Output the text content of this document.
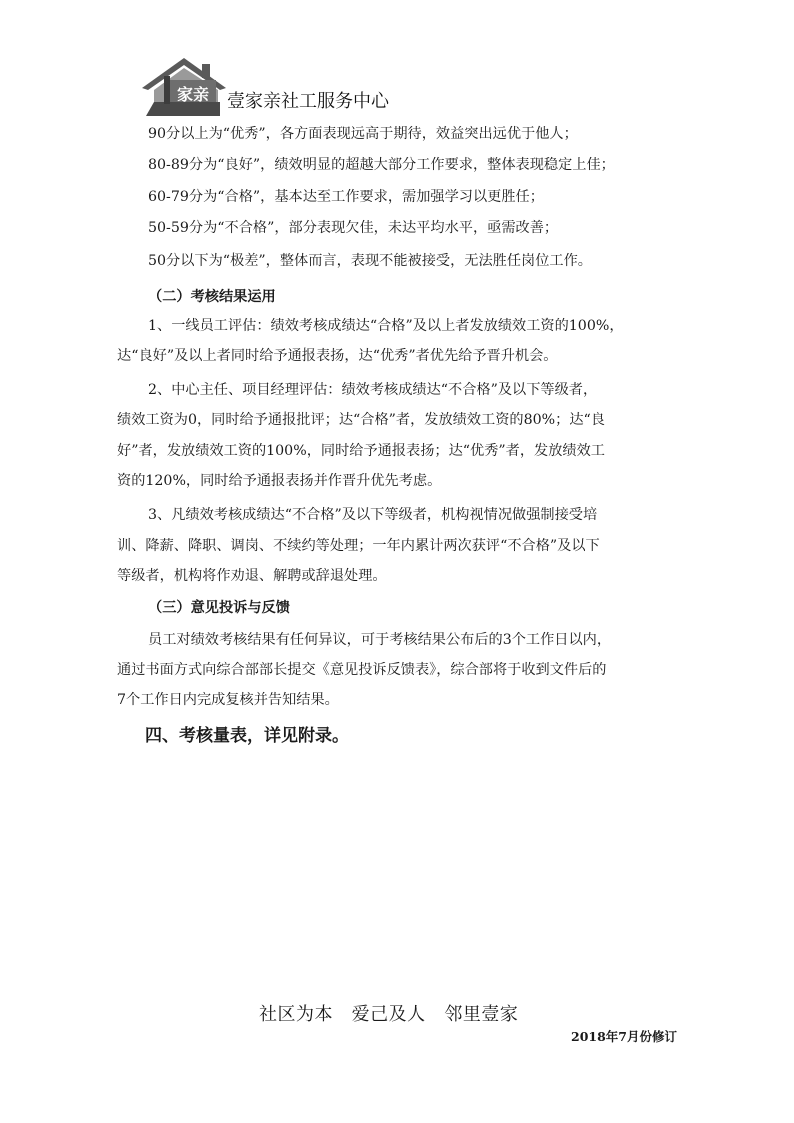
家亲 壹家亲社工服务中心
90分以上为“优秀”，各方面表现远高于期待，效益突出远优于他人；
80-89分为“良好”，绩效明显的超越大部分工作要求，整体表现稳定上佳；
60-79分为“合格”，基本达至工作要求，需加强学习以更胜任；
50-59分为“不合格”，部分表现欠佳，未达平均水平，亟需改善；
50分以下为“极差”，整体而言，表现不能被接受，无法胜任岗位工作。
（二）考核结果运用
1、一线员工评估：绩效考核成绩达“合格”及以上者发放绩效工资的100%，
达“良好”及以上者同时给予通报表扬，达“优秀”者优先给予晋升机会。
2、中心主任、项目经理评估：绩效考核成绩达“不合格”及以下等级者，
绩效工资为0，同时给予通报批评；达“合格”者，发放绩效工资的80%；达“良
好”者，发放绩效工资的100%，同时给予通报表扬；达“优秀”者，发放绩效工
资的120%，同时给予通报表扬并作晋升优先考虑。
3、凡绩效考核成绩达“不合格”及以下等级者，机构视情况做强制接受培
训、降薪、降职、调岗、不续约等处理；一年内累计两次获评“不合格”及以下
等级者，机构将作劝退、解聘或辞退处理。
（三）意见投诉与反馈
员工对绩效考核结果有任何异议，可于考核结果公布后的3个工作日以内，
通过书面方式向综合部部长提交《意见投诉反馈表》，综合部将于收到文件后的
7个工作日内完成复核并告知结果。
四、考核量表，详见附录。
社区为本   爱己及人   邻里壹家
2018年7月份修订
